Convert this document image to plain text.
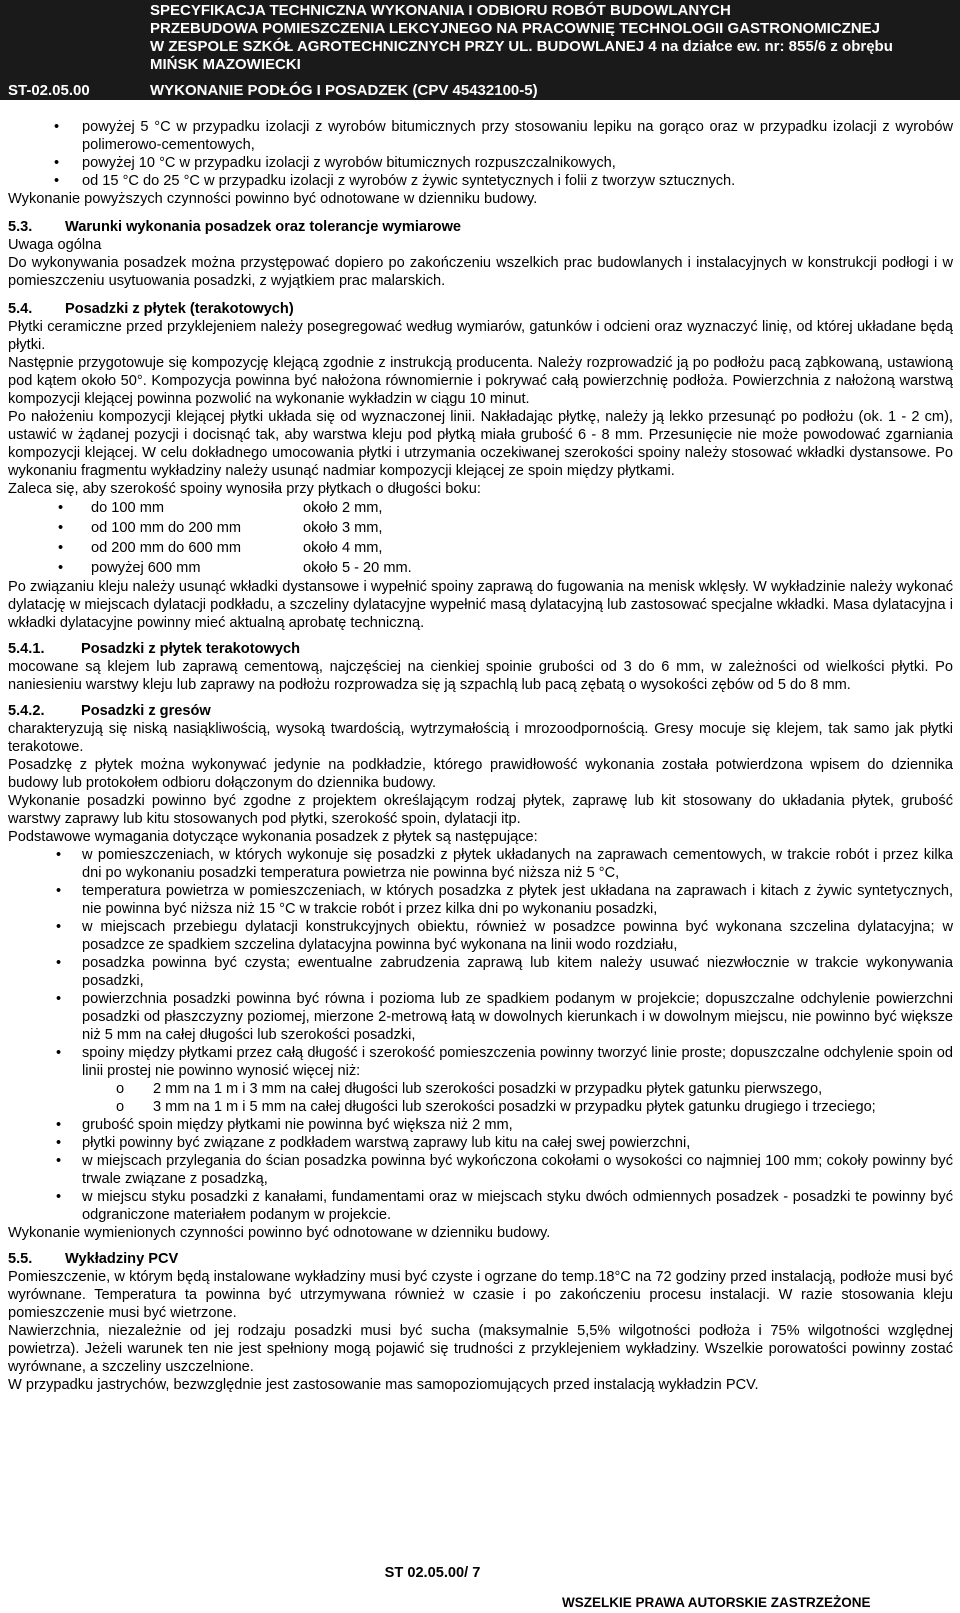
SPECYFIKACJA TECHNICZNA WYKONANIA I ODBIORU ROBÓT BUDOWLANYCH
PRZEBUDOWA POMIESZCZENIA LEKCYJNEGO NA PRACOWNIĘ TECHNOLOGII GASTRONOMICZNEJ
W ZESPOLE SZKÓŁ AGROTECHNICZNYCH PRZY UL. BUDOWLANEJ 4 na działce ew. nr: 855/6 z obrębu
MIŃSK MAZOWIECKI
ST-02.05.00	WYKONANIE PODŁÓG I POSADZEK (CPV 45432100-5)
• powyżej 5 °C w przypadku izolacji z wyrobów bitumicznych przy stosowaniu lepiku na gorąco oraz w przypadku izolacji z wyrobów polimerowo-cementowych,
• powyżej 10 °C w przypadku izolacji z wyrobów bitumicznych rozpuszczalnikowych,
• od 15 °C do 25 °C w przypadku izolacji z wyrobów z żywic syntetycznych i folii z tworzyw sztucznych.

Wykonanie powyższych czynności powinno być odnotowane w dzienniku budowy.

5.3. Warunki wykonania posadzek oraz tolerancje wymiarowe

Uwaga ogólna

Do wykonywania posadzek można przystępować dopiero po zakończeniu wszelkich prac budowlanych i instalacyjnych w konstrukcji podłogi i w pomieszczeniu usytuowania posadzki, z wyjątkiem prac malarskich.

5.4. Posadzki z płytek (terakotowych)

Płytki ceramiczne przed przyklejeniem należy posegregować według wymiarów, gatunków i odcieni oraz wyznaczyć linię, od której układane będą płytki.

Następnie przygotowuje się kompozycję klejącą zgodnie z instrukcją producenta. Należy rozprowadzić ją po podłożu pacą ząbkowaną, ustawioną pod kątem około 50°. Kompozycja powinna być nałożona równomiernie i pokrywać całą powierzchnię podłoża. Powierzchnia z nałożoną warstwą kompozycji klejącej powinna pozwolić na wykonanie wykładzin w ciągu 10 minut.

Po nałożeniu kompozycji klejącej płytki układa się od wyznaczonej linii. Nakładając płytkę, należy ją lekko przesunąć po podłożu (ok. 1 - 2 cm), ustawić w żądanej pozycji i docisnąć tak, aby warstwa kleju pod płytką miała grubość 6 - 8 mm. Przesunięcie nie może powodować zgarniania kompozycji klejącej. W celu dokładnego umocowania płytki i utrzymania oczekiwanej szerokości spoiny należy stosować wkładki dystansowe. Po wykonaniu fragmentu wykładziny należy usunąć nadmiar kompozycji klejącej ze spoin między płytkami.

Zaleca się, aby szerokość spoiny wynosiła przy płytkach o długości boku:

• do 100 mm	około 2 mm,
• od 100 mm do 200 mm	około 3 mm,
• od 200 mm do 600 mm	około 4 mm,
• powyżej 600 mm	około 5 - 20 mm.

Po związaniu kleju należy usunąć wkładki dystansowe i wypełnić spoiny zaprawą do fugowania na menisk wklęsły. W wykładzinie należy wykonać dylatację w miejscach dylatacji podkładu, a szczeliny dylatacyjne wypełnić masą dylatacyjną lub zastosować specjalne wkładki. Masa dylatacyjna i wkładki dylatacyjne powinny mieć aktualną aprobatę techniczną.

5.4.1. Posadzki z płytek terakotowych

mocowane są klejem lub zaprawą cementową, najczęściej na cienkiej spoinie grubości od 3 do 6 mm, w zależności od wielkości płytki. Po naniesieniu warstwy kleju lub zaprawy na podłożu rozprowadza się ją szpachlą lub pacą zębatą o wysokości zębów od 5 do 8 mm.

5.4.2. Posadzki z gresów

charakteryzują się niską nasiąkliwością, wysoką twardością, wytrzymałością i mrozoodpornością. Gresy mocuje się klejem, tak samo jak płytki terakotowe.

Posadzkę z płytek można wykonywać jedynie na podkładzie, którego prawidłowość wykonania została potwierdzona wpisem do dziennika budowy lub protokołem odbioru dołączonym do dziennika budowy.

Wykonanie posadzki powinno być zgodne z projektem określającym rodzaj płytek, zaprawę lub kit stosowany do układania płytek, grubość warstwy zaprawy lub kitu stosowanych pod płytki, szerokość spoin, dylatacji itp.

Podstawowe wymagania dotyczące wykonania posadzek z płytek są następujące:

• w pomieszczeniach, w których wykonuje się posadzki z płytek układanych na zaprawach cementowych, w trakcie robót i przez kilka dni po wykonaniu posadzki temperatura powietrza nie powinna być niższa niż 5 °C,
• temperatura powietrza w pomieszczeniach, w których posadzka z płytek jest układana na zaprawach i kitach z żywic syntetycznych, nie powinna być niższa niż 15 °C w trakcie robót i przez kilka dni po wykonaniu posadzki,
• w miejscach przebiegu dylatacji konstrukcyjnych obiektu, również w posadzce powinna być wykonana szczelina dylatacyjna; w posadzce ze spadkiem szczelina dylatacyjna powinna być wykonana na linii wodo rozdziału,
• posadzka powinna być czysta; ewentualne zabrudzenia zaprawą lub kitem należy usuwać niezwłocznie w trakcie wykonywania posadzki,
• powierzchnia posadzki powinna być równa i pozioma lub ze spadkiem podanym w projekcie; dopuszczalne odchylenie powierzchni posadzki od płaszczyzny poziomej, mierzone 2-metrową łatą w dowolnych kierunkach i w dowolnym miejscu, nie powinno być większe niż 5 mm na całej długości lub szerokości posadzki,
• spoiny między płytkami przez całą długość i szerokość pomieszczenia powinny tworzyć linie proste; dopuszczalne odchylenie spoin od linii prostej nie powinno wynosić więcej niż:
o 2 mm na 1 m i 3 mm na całej długości lub szerokości posadzki w przypadku płytek gatunku pierwszego,
o 3 mm na 1 m i 5 mm na całej długości lub szerokości posadzki w przypadku płytek gatunku drugiego i trzeciego;
• grubość spoin między płytkami nie powinna być większa niż 2 mm,
• płytki powinny być związane z podkładem warstwą zaprawy lub kitu na całej swej powierzchni,
• w miejscach przylegania do ścian posadzka powinna być wykończona cokołami o wysokości co najmniej 100 mm; cokoły powinny być trwale związane z posadzką,
• w miejscu styku posadzki z kanałami, fundamentami oraz w miejscach styku dwóch odmiennych posadzek - posadzki te powinny być odgraniczone materiałem podanym w projekcie.

Wykonanie wymienionych czynności powinno być odnotowane w dzienniku budowy.

5.5. Wykładziny PCV

Pomieszczenie, w którym będą instalowane wykładziny musi być czyste i ogrzane do temp.18°C na 72 godziny przed instalacją, podłoże musi być wyrównane. Temperatura ta powinna być utrzymywana również w czasie i po zakończeniu procesu instalacji. W razie stosowania kleju pomieszczenie musi być wietrzone.

Nawierzchnia, niezależnie od jej rodzaju posadzki musi być sucha (maksymalnie 5,5% wilgotności podłoża i 75% wilgotności względnej powietrza). Jeżeli warunek ten nie jest spełniony mogą pojawić się trudności z przyklejeniem wykładziny. Wszelkie porowatości powinny zostać wyrównane, a szczeliny uszczelnione.

W przypadku jastrychów, bezwzględnie jest zastosowanie mas samopoziomujących przed instalacją wykładzin PCV.

ST 02.05.00/ 7
WSZELKIE PRAWA AUTORSKIE ZASTRZEŻONE
